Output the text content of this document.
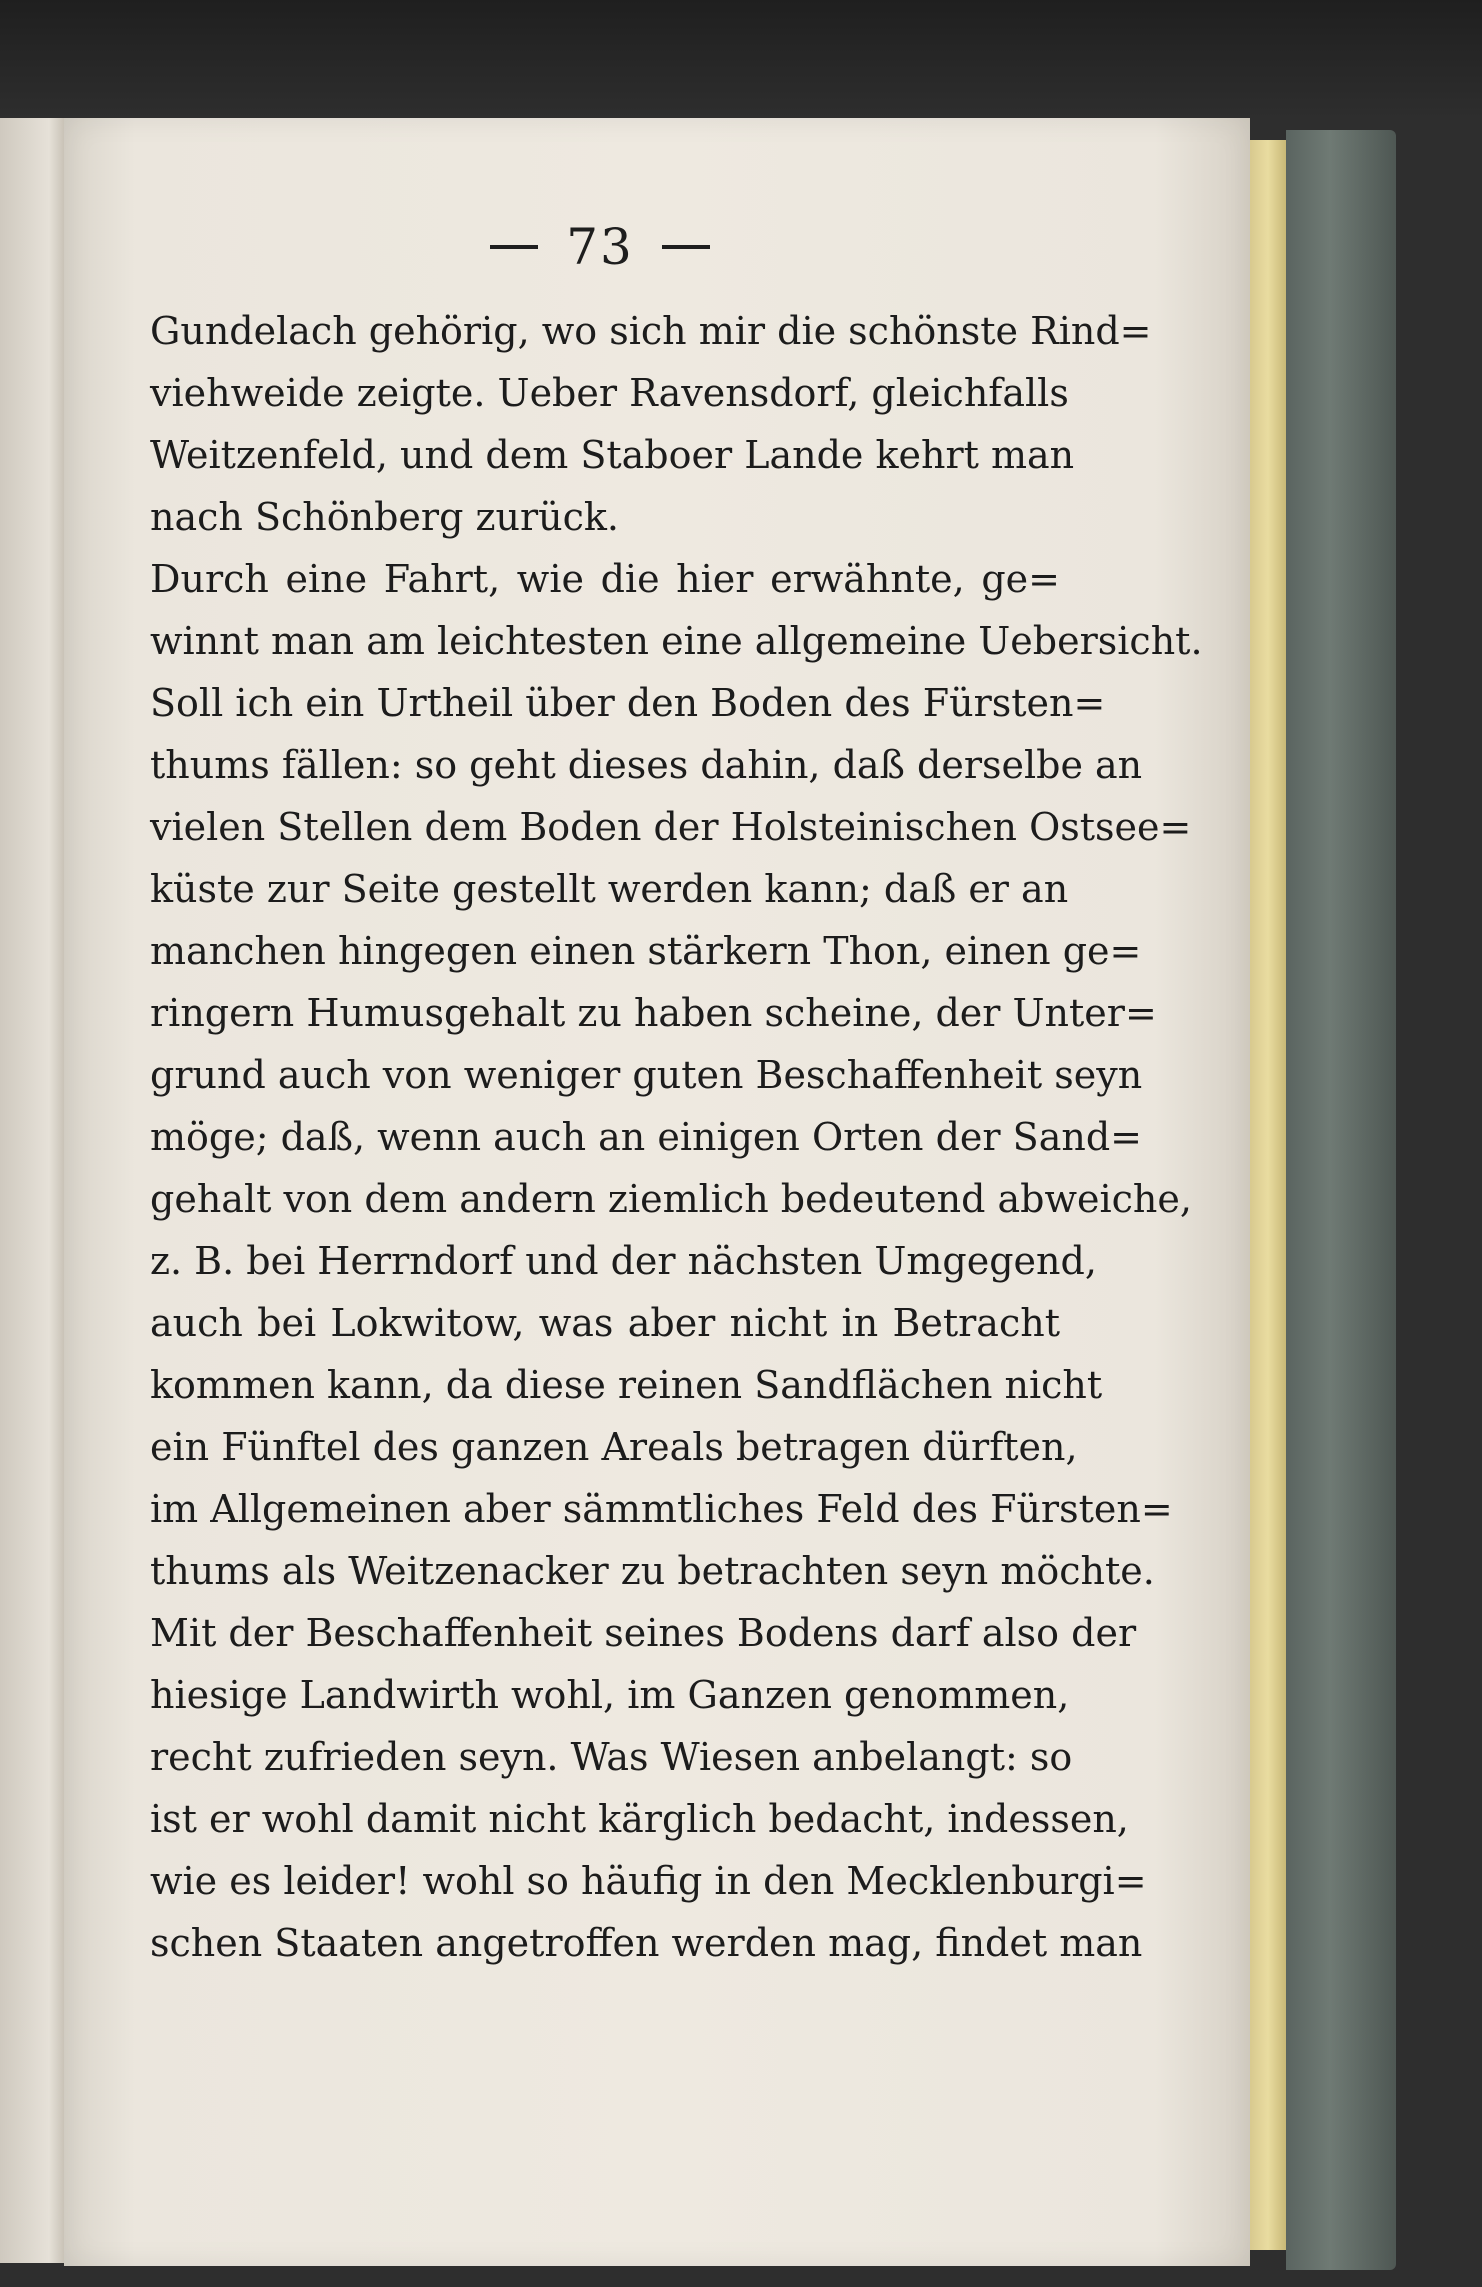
73
Gundelach gehörig, wo sich mir die schönste Rind=
viehweide zeigte. Ueber Ravensdorf, gleichfalls
Weitzenfeld, und dem Staboer Lande kehrt man
nach Schönberg zurück.
Durch eine Fahrt, wie die hier erwähnte, ge=
winnt man am leichtesten eine allgemeine Uebersicht.
Soll ich ein Urtheil über den Boden des Fürsten=
thums fällen: so geht dieses dahin, daß derselbe an
vielen Stellen dem Boden der Holsteinischen Ostsee=
küste zur Seite gestellt werden kann; daß er an
manchen hingegen einen stärkern Thon, einen ge=
ringern Humusgehalt zu haben scheine, der Unter=
grund auch von weniger guten Beschaffenheit seyn
möge; daß, wenn auch an einigen Orten der Sand=
gehalt von dem andern ziemlich bedeutend abweiche,
z. B. bei Herrndorf und der nächsten Umgegend,
auch bei Lokwitow, was aber nicht in Betracht
kommen kann, da diese reinen Sandflächen nicht
ein Fünftel des ganzen Areals betragen dürften,
im Allgemeinen aber sämmtliches Feld des Fürsten=
thums als Weitzenacker zu betrachten seyn möchte.
Mit der Beschaffenheit seines Bodens darf also der
hiesige Landwirth wohl, im Ganzen genommen,
recht zufrieden seyn. Was Wiesen anbelangt: so
ist er wohl damit nicht kärglich bedacht, indessen,
wie es leider! wohl so häufig in den Mecklenburgi=
schen Staaten angetroffen werden mag, findet man
